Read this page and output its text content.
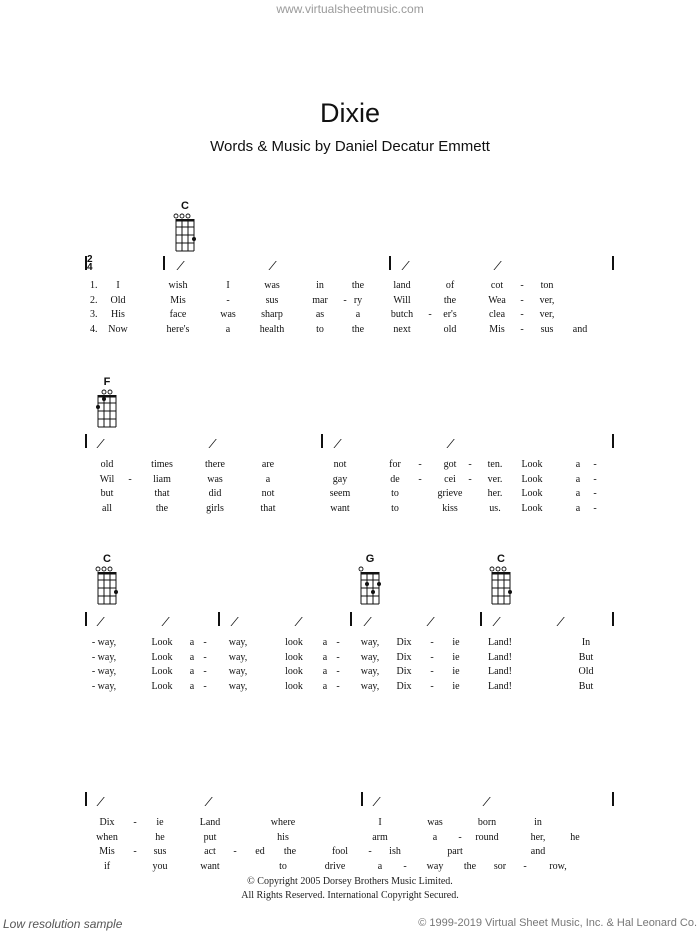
www.virtualsheetmusic.com
Dixie
Words & Music by Daniel Decatur Emmett
C
2
4	⁄	⁄	⁄	⁄
1. I	wish	I	was	in	the	land	of	cot - ton
2. Old	Mis	-	sus	mar - ry	Will	the	Wea - ver,
3. His	face	was	sharp	as	a	butch - er's	clea - ver,
4. Now	here's	a	health	to	the	next	old	Mis - sus and
F
⁄	⁄	⁄	⁄
old	times	there	are	not	for - got - ten. Look	a -
Wil - liam	was	a	gay	de - cei - ver. Look	a -
but	that	did	not	seem	to	grieve	her. Look	a -
all	the	girls	that	want	to	kiss	us. Look	a -
C	G	C
⁄	⁄	⁄	⁄	⁄	⁄	⁄	⁄
- way,	Look a - way,	look a - way, Dix - ie	Land!	In
- way,	Look a - way,	look a - way, Dix - ie	Land!	But
- way,	Look a - way,	look a - way, Dix - ie	Land!	Old
- way,	Look a - way,	look a - way, Dix - ie	Land!	But
⁄	⁄	⁄	⁄
Dix - ie	Land	where	I	was	born	in
when	he	put	his	arm	a - round	her, he
Mis - sus	act - ed the	fool - ish	part	and
if	you	want	to	drive	a - way the sor - row,
© Copyright 2005 Dorsey Brothers Music Limited.
All Rights Reserved. International Copyright Secured.
Low resolution sample	© 1999-2019 Virtual Sheet Music, Inc. & Hal Leonard Co.
